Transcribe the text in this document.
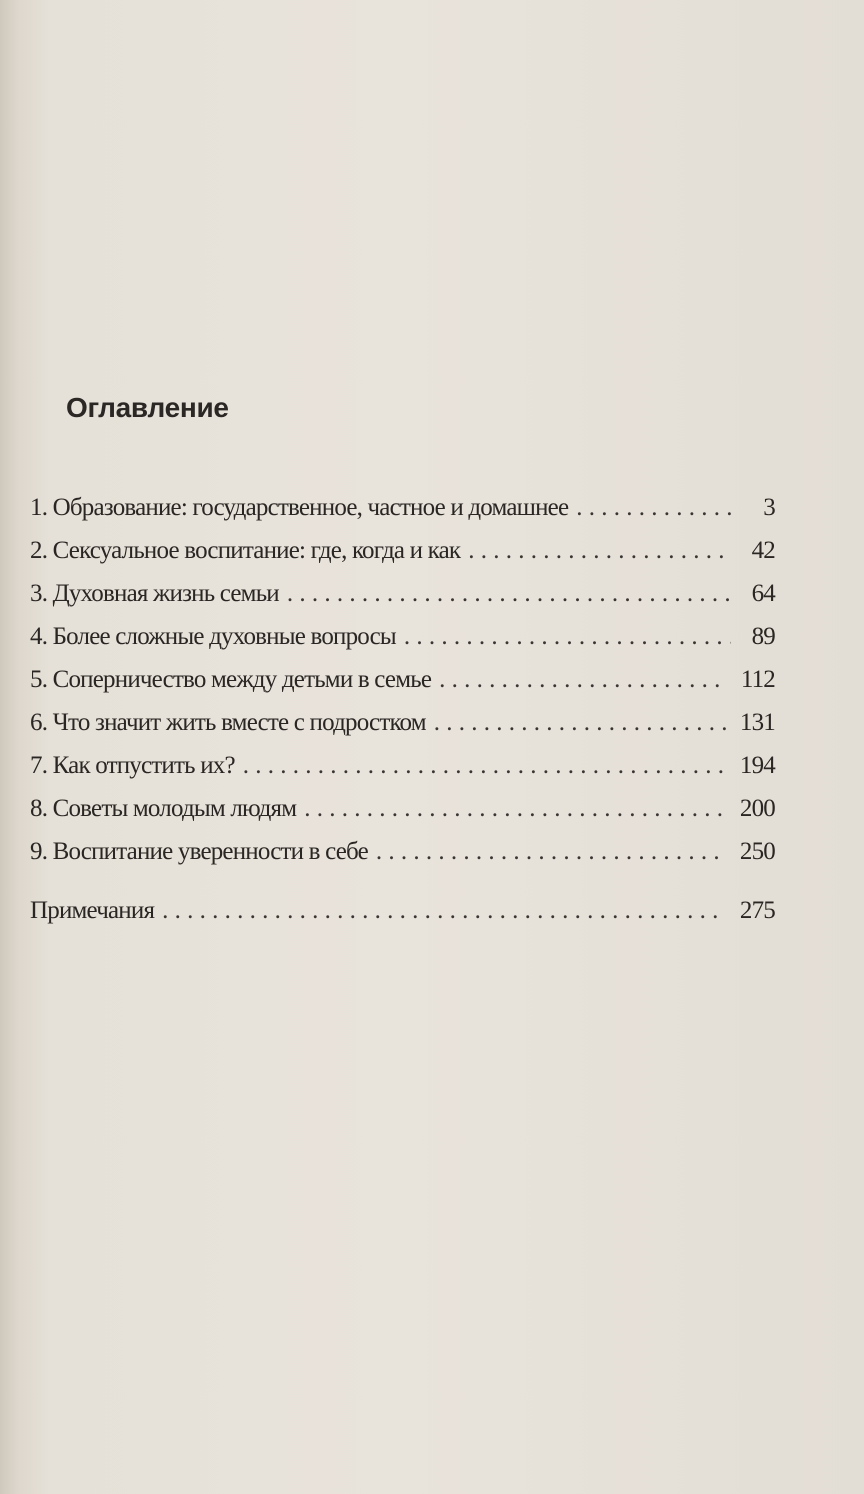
Оглавление
1. Образование: государственное, частное и домашнее . . .	3
2. Сексуальное воспитание: где, когда и как . . .	42
3. Духовная жизнь семьи . . .	64
4. Более сложные духовные вопросы . . .	89
5. Соперничество между детьми в семье . . .	112
6. Что значит жить вместе с подростком . . .	131
7. Как отпустить их? . . .	194
8. Советы молодым людям . . .	200
9. Воспитание уверенности в себе . . .	250
Примечания . . .	275
